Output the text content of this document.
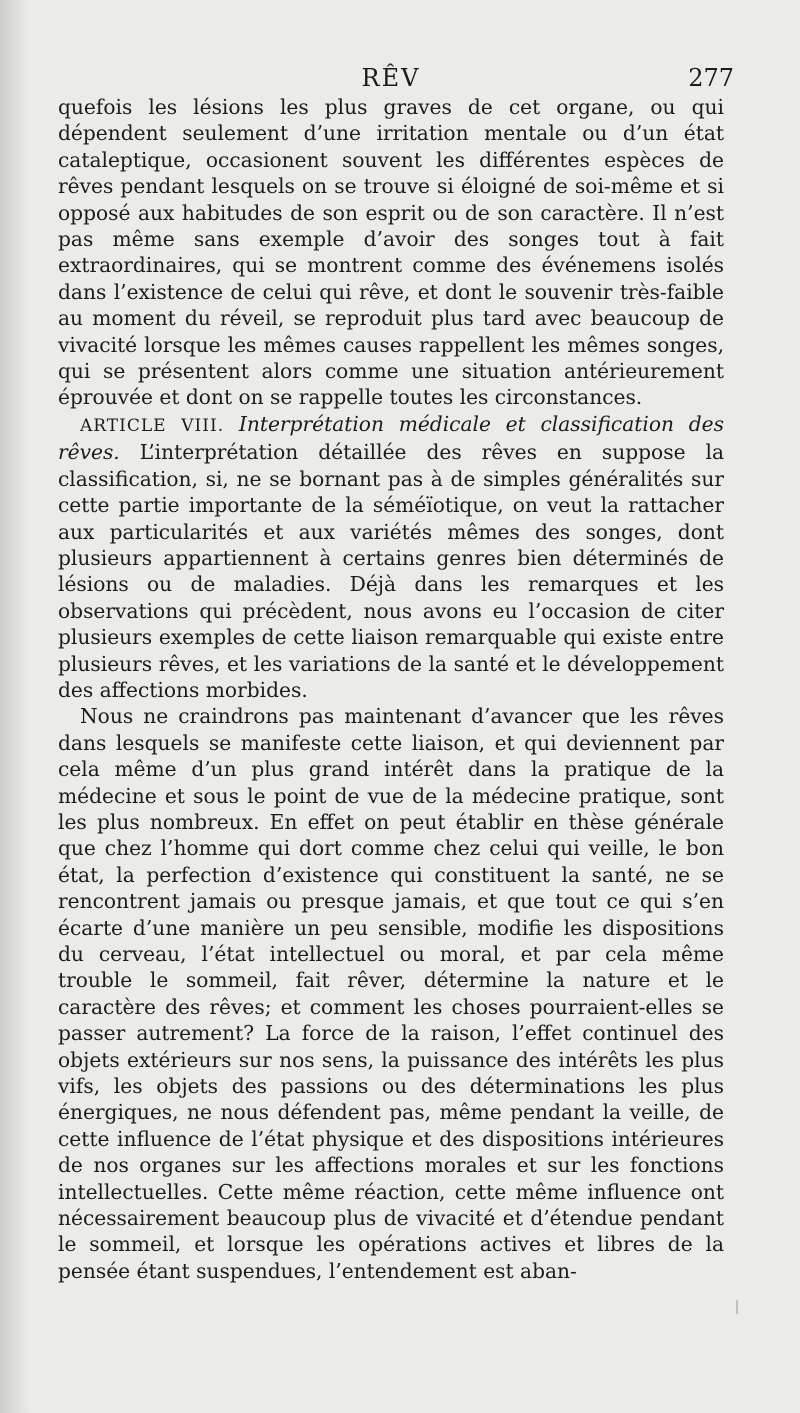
RÊV	277

quefois les lésions les plus graves de cet organe, ou qui dépendent seulement d’une irritation mentale ou d’un état cataleptique, occasionent souvent les différentes espèces de rêves pendant lesquels on se trouve si éloigné de soi-même et si opposé aux habitudes de son esprit ou de son caractère. Il n’est pas même sans exemple d’avoir des songes tout à fait extraordinaires, qui se montrent comme des événemens isolés dans l’existence de celui qui rêve, et dont le souvenir très-faible au moment du réveil, se reproduit plus tard avec beaucoup de vivacité lorsque les mêmes causes rappellent les mêmes songes, qui se présentent alors comme une situation antérieurement éprouvée et dont on se rappelle toutes les circonstances.

ARTICLE VIII. Interprétation médicale et classification des rêves. L’interprétation détaillée des rêves en suppose la classification, si, ne se bornant pas à de simples généralités sur cette partie importante de la séméïotique, on veut la rattacher aux particularités et aux variétés mêmes des songes, dont plusieurs appartiennent à certains genres bien déterminés de lésions ou de maladies. Déjà dans les remarques et les observations qui précèdent, nous avons eu l’occasion de citer plusieurs exemples de cette liaison remarquable qui existe entre plusieurs rêves, et les variations de la santé et le développement des affections morbides.

Nous ne craindrons pas maintenant d’avancer que les rêves dans lesquels se manifeste cette liaison, et qui deviennent par cela même d’un plus grand intérêt dans la pratique de la médecine et sous le point de vue de la médecine pratique, sont les plus nombreux. En effet on peut établir en thèse générale que chez l’homme qui dort comme chez celui qui veille, le bon état, la perfection d’existence qui constituent la santé, ne se rencontrent jamais ou presque jamais, et que tout ce qui s’en écarte d’une manière un peu sensible, modifie les dispositions du cerveau, l’état intellectuel ou moral, et par cela même trouble le sommeil, fait rêver, détermine la nature et le caractère des rêves; et comment les choses pourraient-elles se passer autrement? La force de la raison, l’effet continuel des objets extérieurs sur nos sens, la puissance des intérêts les plus vifs, les objets des passions ou des déterminations les plus énergiques, ne nous défendent pas, même pendant la veille, de cette influence de l’état physique et des dispositions intérieures de nos organes sur les affections morales et sur les fonctions intellectuelles. Cette même réaction, cette même influence ont nécessairement beaucoup plus de vivacité et d’étendue pendant le sommeil, et lorsque les opérations actives et libres de la pensée étant suspendues, l’entendement est aban-
